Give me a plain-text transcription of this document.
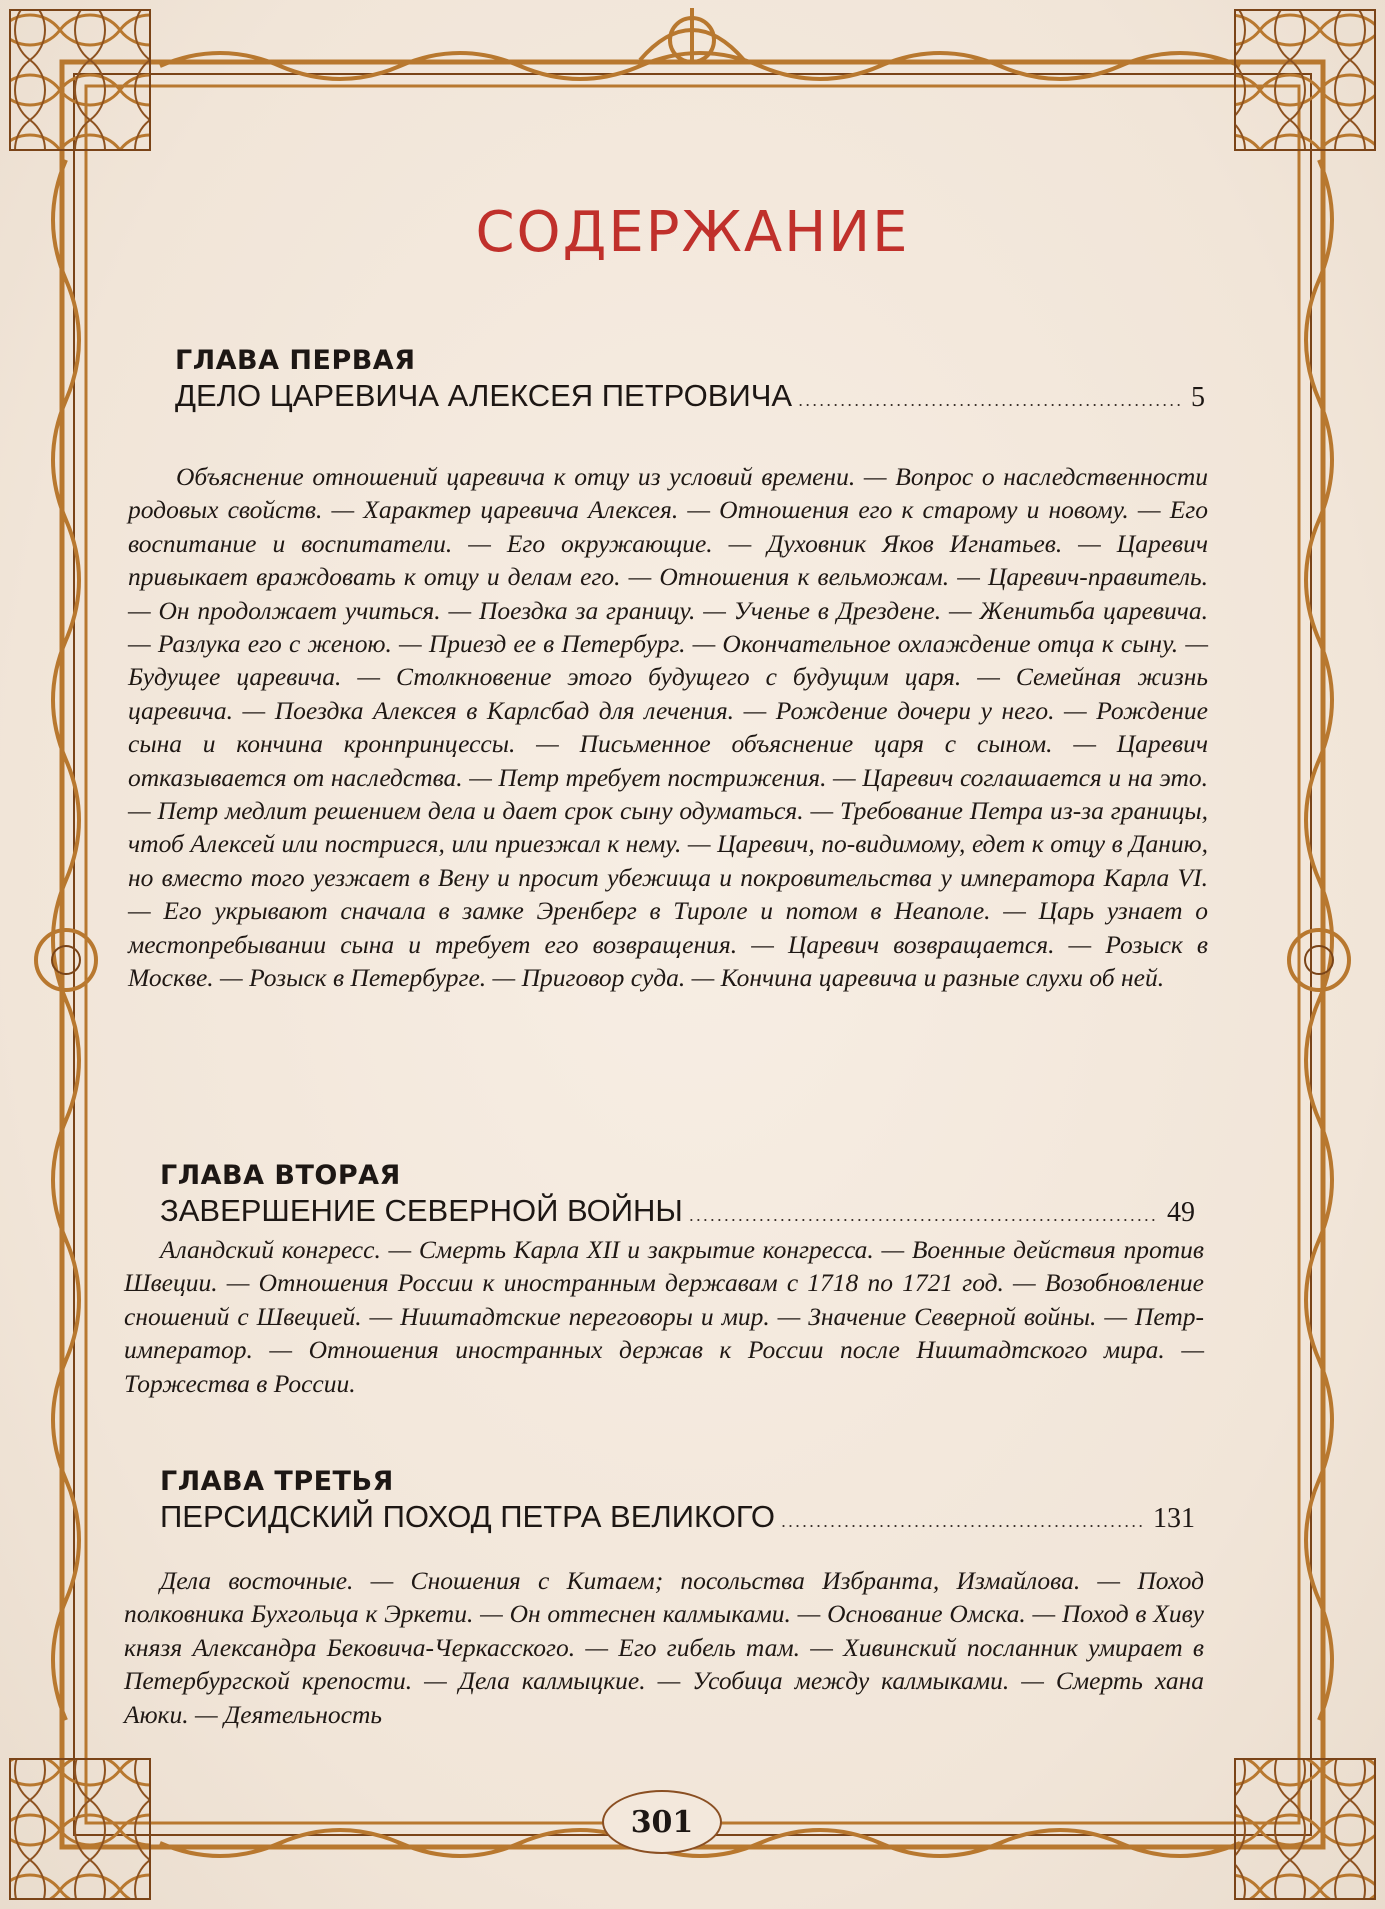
СОДЕРЖАНИЕ
ГЛАВА ПЕРВАЯ
ДЕЛО ЦАРЕВИЧА АЛЕКСЕЯ ПЕТРОВИЧА .....	5
Объяснение отношений царевича к отцу из условий времени. — Вопрос о наследственности родовых свойств. — Характер царевича Алексея. — Отношения его к старому и новому. — Его воспитание и воспитатели. — Его окружающие. — Духовник Яков Игнатьев. — Царевич привыкает враждовать к отцу и делам его. — Отношения к вельможам. — Царевич-правитель. — Он продолжает учиться. — Поездка за границу. — Ученье в Дрездене. — Женитьба царевича. — Разлука его с женою. — Приезд ее в Петербург. — Окончательное охлаждение отца к сыну. — Будущее царевича. — Столкновение этого будущего с будущим царя. — Семейная жизнь царевича. — Поездка Алексея в Карлсбад для лечения. — Рождение дочери у него. — Рождение сына и кончина кронпринцессы. — Письменное объяснение царя с сыном. — Царевич отказывается от наследства. — Петр требует пострижения. — Царевич соглашается и на это. — Петр медлит решением дела и дает срок сыну одуматься. — Требование Петра из-за границы, чтоб Алексей или постригся, или приезжал к нему. — Царевич, по-видимому, едет к отцу в Данию, но вместо того уезжает в Вену и просит убежища и покровительства у императора Карла VI. — Его укрывают сначала в замке Эренберг в Тироле и потом в Неаполе. — Царь узнает о местопребывании сына и требует его возвращения. — Царевич возвращается. — Розыск в Москве. — Розыск в Петербурге. — Приговор суда. — Кончина царевича и разные слухи об ней.
ГЛАВА ВТОРАЯ
ЗАВЕРШЕНИЕ СЕВЕРНОЙ ВОЙНЫ .....	49
Аландский конгресс. — Смерть Карла XII и закрытие конгресса. — Военные действия против Швеции. — Отношения России к иностранным державам с 1718 по 1721 год. — Возобновление сношений с Швецией. — Ништадтские переговоры и мир. — Значение Северной войны. — Петр-император. — Отношения иностранных держав к России после Ништадтского мира. — Торжества в России.
ГЛАВА ТРЕТЬЯ
ПЕРСИДСКИЙ ПОХОД ПЕТРА ВЕЛИКОГО .....	131
Дела восточные. — Сношения с Китаем; посольства Избранта, Измайлова. — Поход полковника Бухгольца к Эркети. — Он оттеснен калмыками. — Основание Омска. — Поход в Хиву князя Александра Бековича-Черкасского. — Его гибель там. — Хивинский посланник умирает в Петербургской крепости. — Дела калмыцкие. — Усобица между калмыками. — Смерть хана Аюки. — Деятельность
301
